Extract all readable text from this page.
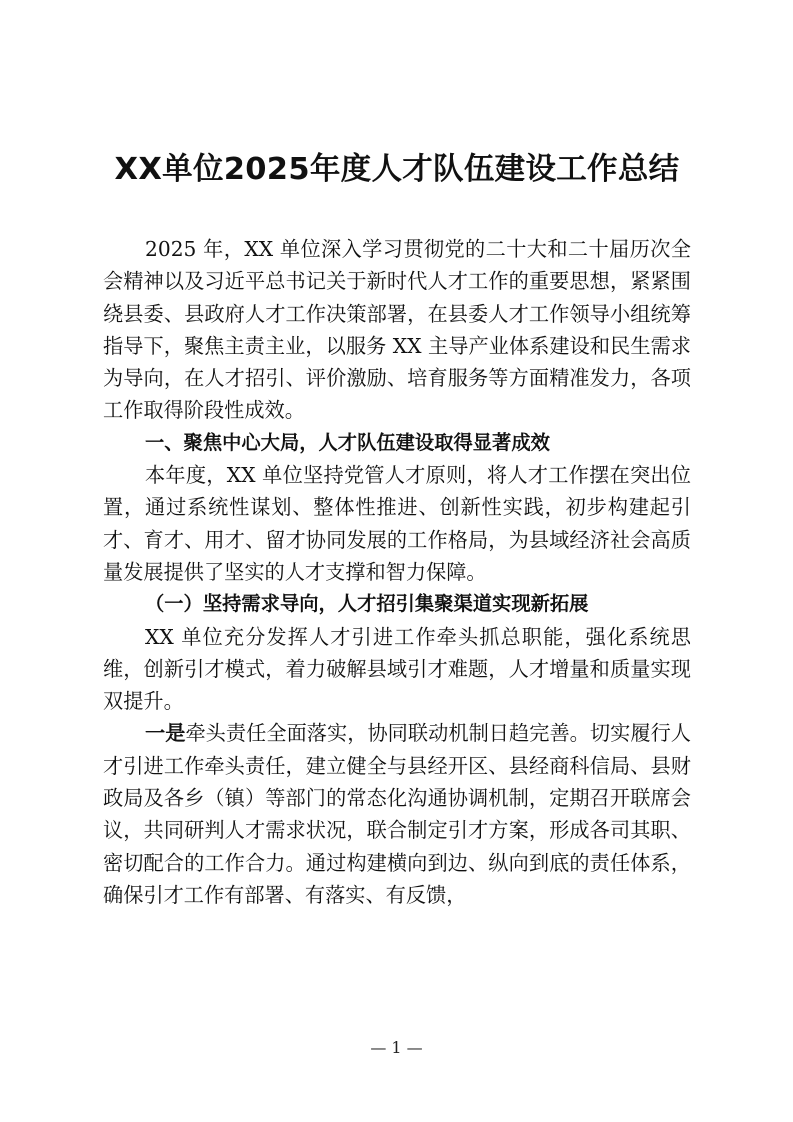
XX单位2025年度人才队伍建设工作总结

2025 年，XX 单位深入学习贯彻党的二十大和二十届历次全会精神以及习近平总书记关于新时代人才工作的重要思想，紧紧围绕县委、县政府人才工作决策部署，在县委人才工作领导小组统筹指导下，聚焦主责主业，以服务 XX 主导产业体系建设和民生需求为导向，在人才招引、评价激励、培育服务等方面精准发力，各项工作取得阶段性成效。

一、聚焦中心大局，人才队伍建设取得显著成效

本年度，XX 单位坚持党管人才原则，将人才工作摆在突出位置，通过系统性谋划、整体性推进、创新性实践，初步构建起引才、育才、用才、留才协同发展的工作格局，为县域经济社会高质量发展提供了坚实的人才支撑和智力保障。

（一）坚持需求导向，人才招引集聚渠道实现新拓展

XX 单位充分发挥人才引进工作牵头抓总职能，强化系统思维，创新引才模式，着力破解县域引才难题，人才增量和质量实现双提升。

一是牵头责任全面落实，协同联动机制日趋完善。切实履行人才引进工作牵头责任，建立健全与县经开区、县经商科信局、县财政局及各乡（镇）等部门的常态化沟通协调机制，定期召开联席会议，共同研判人才需求状况，联合制定引才方案，形成各司其职、密切配合的工作合力。通过构建横向到边、纵向到底的责任体系，确保引才工作有部署、有落实、有反馈，

— 1 —
